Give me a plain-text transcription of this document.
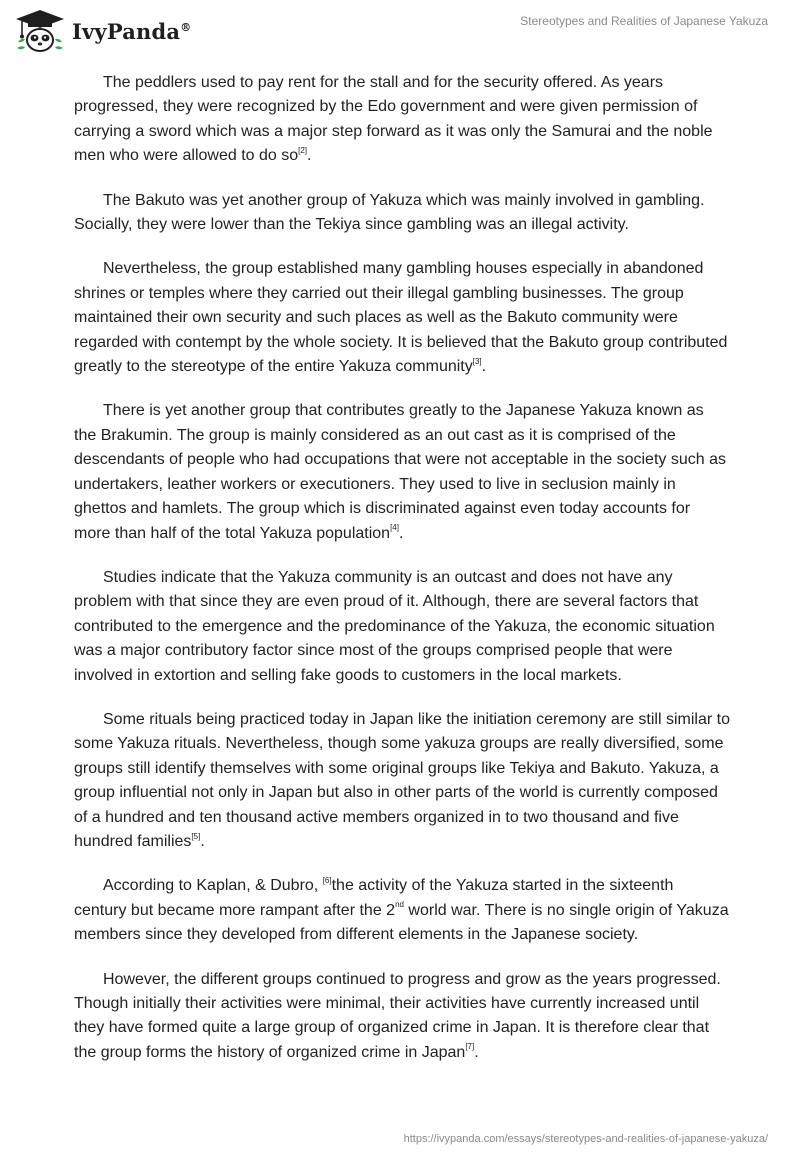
IvyPanda®	Stereotypes and Realities of Japanese Yakuza

The peddlers used to pay rent for the stall and for the security offered. As years progressed, they were recognized by the Edo government and were given permission of carrying a sword which was a major step forward as it was only the Samurai and the noble men who were allowed to do so[2].

The Bakuto was yet another group of Yakuza which was mainly involved in gambling. Socially, they were lower than the Tekiya since gambling was an illegal activity.

Nevertheless, the group established many gambling houses especially in abandoned shrines or temples where they carried out their illegal gambling businesses. The group maintained their own security and such places as well as the Bakuto community were regarded with contempt by the whole society. It is believed that the Bakuto group contributed greatly to the stereotype of the entire Yakuza community[3].

There is yet another group that contributes greatly to the Japanese Yakuza known as the Brakumin. The group is mainly considered as an out cast as it is comprised of the descendants of people who had occupations that were not acceptable in the society such as undertakers, leather workers or executioners. They used to live in seclusion mainly in ghettos and hamlets. The group which is discriminated against even today accounts for more than half of the total Yakuza population[4].

Studies indicate that the Yakuza community is an outcast and does not have any problem with that since they are even proud of it. Although, there are several factors that contributed to the emergence and the predominance of the Yakuza, the economic situation was a major contributory factor since most of the groups comprised people that were involved in extortion and selling fake goods to customers in the local markets.

Some rituals being practiced today in Japan like the initiation ceremony are still similar to some Yakuza rituals. Nevertheless, though some yakuza groups are really diversified, some groups still identify themselves with some original groups like Tekiya and Bakuto. Yakuza, a group influential not only in Japan but also in other parts of the world is currently composed of a hundred and ten thousand active members organized in to two thousand and five hundred families[5].

According to Kaplan, & Dubro, [6]the activity of the Yakuza started in the sixteenth century but became more rampant after the 2nd world war. There is no single origin of Yakuza members since they developed from different elements in the Japanese society.

However, the different groups continued to progress and grow as the years progressed. Though initially their activities were minimal, their activities have currently increased until they have formed quite a large group of organized crime in Japan. It is therefore clear that the group forms the history of organized crime in Japan[7].

https://ivypanda.com/essays/stereotypes-and-realities-of-japanese-yakuza/
